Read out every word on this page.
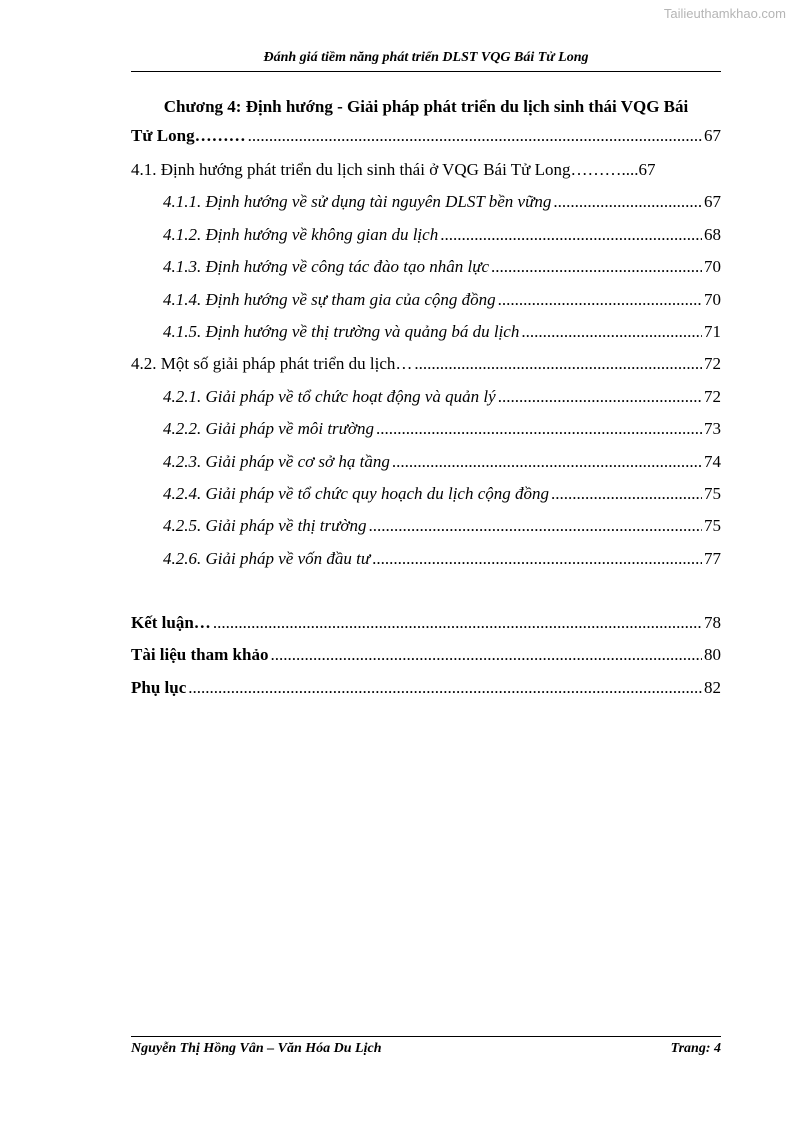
Tailieuthamkhao.com
Đánh giá tiềm năng phát triển DLST VQG Bái Tử Long
Chương 4: Định hướng - Giải pháp phát triển du lịch sinh thái VQG Bái
Tử Long……… .....	67
4.1. Định hướng phát triển du lịch sinh thái ở VQG Bái Tử Long……….... 67
4.1.1. Định hướng về sử dụng tài nguyên DLST bền vững .....	67
4.1.2. Định hướng về không gian du lịch .....	68
4.1.3. Định hướng về công tác đào tạo nhân lực .....	70
4.1.4. Định hướng về sự tham gia của cộng đồng .....	70
4.1.5. Định hướng về thị trường và quảng bá du lịch .....	71
4.2. Một số giải pháp phát triển du lịch… .....	72
4.2.1. Giải pháp về tổ chức hoạt động và quản lý .....	72
4.2.2. Giải pháp về môi trường .....	73
4.2.3. Giải pháp về cơ sở hạ tầng .....	74
4.2.4. Giải pháp về tổ chức quy hoạch du lịch cộng đồng .....	75
4.2.5. Giải pháp về thị trường .....	75
4.2.6. Giải pháp về vốn đầu tư .....	77
Kết luận… .....	78
Tài liệu tham khảo .....	80
Phụ lục .....	82
Nguyễn Thị Hồng Vân – Văn Hóa Du Lịch	Trang: 4
